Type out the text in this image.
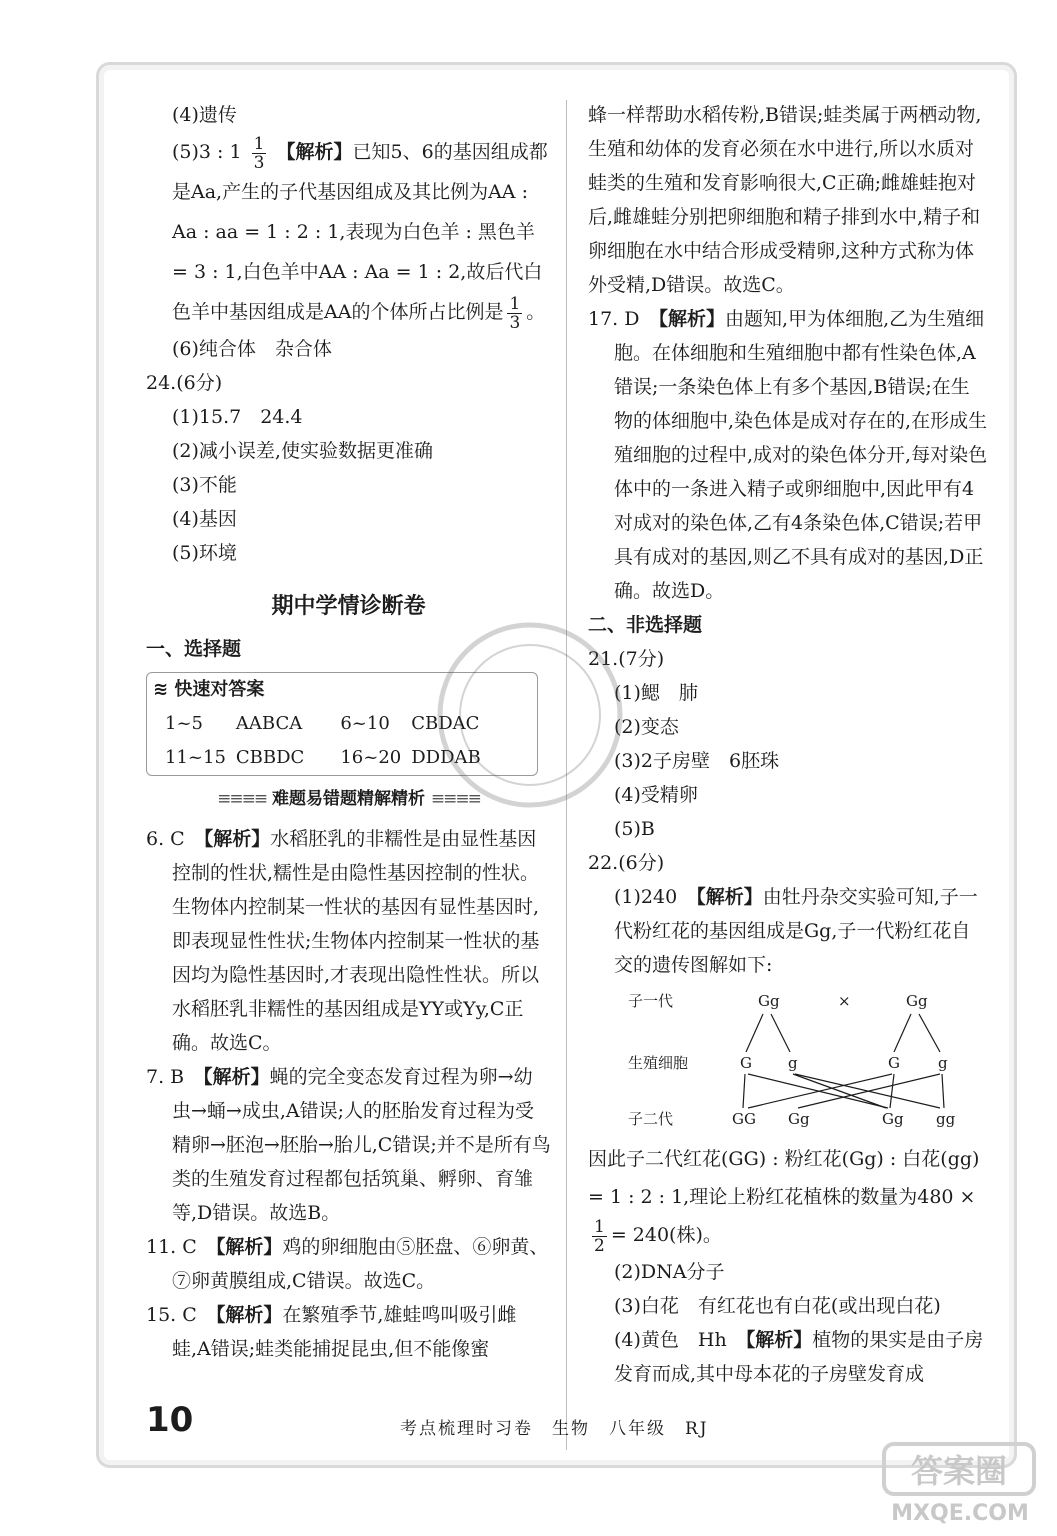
(4)遗传

(5)3 : $1 \frac{1}{3}$ 【解析】已知5、6的基因组成都是Aa,产生的子代基因组成及其比例为AA : Aa : aa = 1 : 2 : 1,表现为白色羊 : 黑色羊 = 3 : 1,白色羊中AA : Aa = 1 : 2,故后代白色羊中基因组成是AA的个体所占比例是 $\frac{1}{3}$ 。

(6)纯合体　杂合体

24.(6分)

(1)15.7　24.4

(2)减小误差,使实验数据更准确

(3)不能

(4)基因

(5)环境

期中学情诊断卷

一、选择题

≋ 快速对答案
1~5	AABCA	6~10	CBDAC
11~15	CBBDC	16~20	DDDAB
≡≡≡≡ 难题易错题精解精析 ≡≡≡≡

6. C　 【解析】水稻胚乳的非糯性是由显性基因控制的性状,糯性是由隐性基因控制的性状。生物体内控制某一性状的基因有显性基因时,即表现显性性状;生物体内控制某一性状的基因均为隐性基因时,才表现出隐性性状。所以水稻胚乳非糯性的基因组成是YY或Yy,C正确。故选C。

7. B　 【解析】蝇的完全变态发育过程为卵→幼虫→蛹→成虫,A错误;人的胚胎发育过程为受精卵→胚泡→胚胎→胎儿,C错误;并不是所有鸟类的生殖发育过程都包括筑巢、孵卵、育雏等,D错误。故选B。

11. C　 【解析】鸡的卵细胞由⑤胚盘、⑥卵黄、⑦卵黄膜组成,C错误。故选C。

15. C　 【解析】在繁殖季节,雄蛙鸣叫吸引雌蛙,A错误;蛙类能捕捉昆虫,但不能像蜜

蜂一样帮助水稻传粉,B错误;蛙类属于两栖动物,生殖和幼体的发育必须在水中进行,所以水质对蛙类的生殖和发育影响很大,C正确;雌雄蛙抱对后,雌雄蛙分别把卵细胞和精子排到水中,精子和卵细胞在水中结合形成受精卵,这种方式称为体外受精,D错误。故选C。

17. D　 【解析】由题知,甲为体细胞,乙为生殖细胞。在体细胞和生殖细胞中都有性染色体,A错误;一条染色体上有多个基因,B错误;在生物的体细胞中,染色体是成对存在的,在形成生殖细胞的过程中,成对的染色体分开,每对染色体中的一条进入精子或卵细胞中,因此甲有4对成对的染色体,乙有4条染色体,C错误;若甲具有成对的基因,则乙不具有成对的基因,D正确。故选D。

二、非选择题

21.(7分)

(1)鳃　肺

(2)变态

(3)2子房壁　6胚珠

(4)受精卵

(5)B

22.(6分)

(1)240　 【解析】由牡丹杂交实验可知,子一代粉红花的基因组成是Gg,子一代粉红花自交的遗传图解如下:

子一代
生殖细胞
子二代
Gg	×	Gg
G g	G	g
GG Gg	Gg gg

因此子二代红花(GG) : 粉红花(Gg) : 白花(gg) = 1 : 2 : 1,理论上粉红花植株的数量为480 ×
$\frac{1}{2} = 240$(株)。

(2)DNA分子

(3)白花　有红花也有白花(或出现白花)

(4)黄色　Hh　 【解析】植物的果实是由子房发育而成,其中母本花的子房壁发育成

10	考点梳理时习卷　生物　八年级　RJ
答案圈
MXQE.COM
